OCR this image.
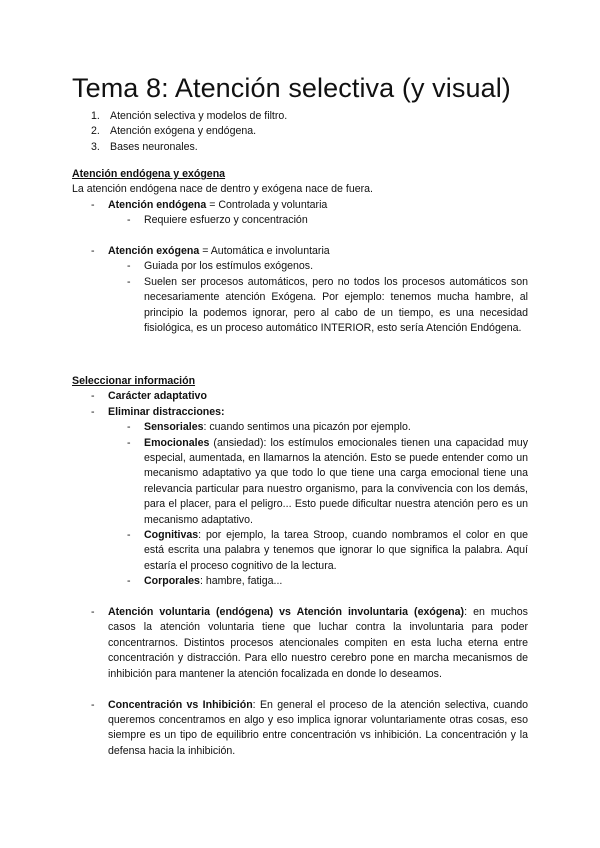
Tema 8: Atención selectiva (y visual)
1. Atención selectiva y modelos de filtro.
2. Atención exógena y endógena.
3. Bases neuronales.
Atención endógena y exógena
La atención endógena nace de dentro y exógena nace de fuera.
- Atención endógena = Controlada y voluntaria
- Requiere esfuerzo y concentración
- Atención exógena = Automática e involuntaria
- Guiada por los estímulos exógenos.
- Suelen ser procesos automáticos, pero no todos los procesos automáticos son necesariamente atención Exógena. Por ejemplo: tenemos mucha hambre, al principio la podemos ignorar, pero al cabo de un tiempo, es una necesidad fisiológica, es un proceso automático INTERIOR, esto sería Atención Endógena.
Seleccionar información
- Carácter adaptativo
- Eliminar distracciones:
- Sensoriales: cuando sentimos una picazón por ejemplo.
- Emocionales (ansiedad): los estímulos emocionales tienen una capacidad muy especial, aumentada, en llamarnos la atención. Esto se puede entender como un mecanismo adaptativo ya que todo lo que tiene una carga emocional tiene una relevancia particular para nuestro organismo, para la convivencia con los demás, para el placer, para el peligro... Esto puede dificultar nuestra atención pero es un mecanismo adaptativo.
- Cognitivas: por ejemplo, la tarea Stroop, cuando nombramos el color en que está escrita una palabra y tenemos que ignorar lo que significa la palabra. Aquí estaría el proceso cognitivo de la lectura.
- Corporales: hambre, fatiga...
- Atención voluntaria (endógena) vs Atención involuntaria (exógena): en muchos casos la atención voluntaria tiene que luchar contra la involuntaria para poder concentrarnos. Distintos procesos atencionales compiten en esta lucha eterna entre concentración y distracción. Para ello nuestro cerebro pone en marcha mecanismos de inhibición para mantener la atención focalizada en donde lo deseamos.
- Concentración vs Inhibición: En general el proceso de la atención selectiva, cuando queremos concentramos en algo y eso implica ignorar voluntariamente otras cosas, eso siempre es un tipo de equilibrio entre concentración vs inhibición. La concentración y la defensa hacia la inhibición.
